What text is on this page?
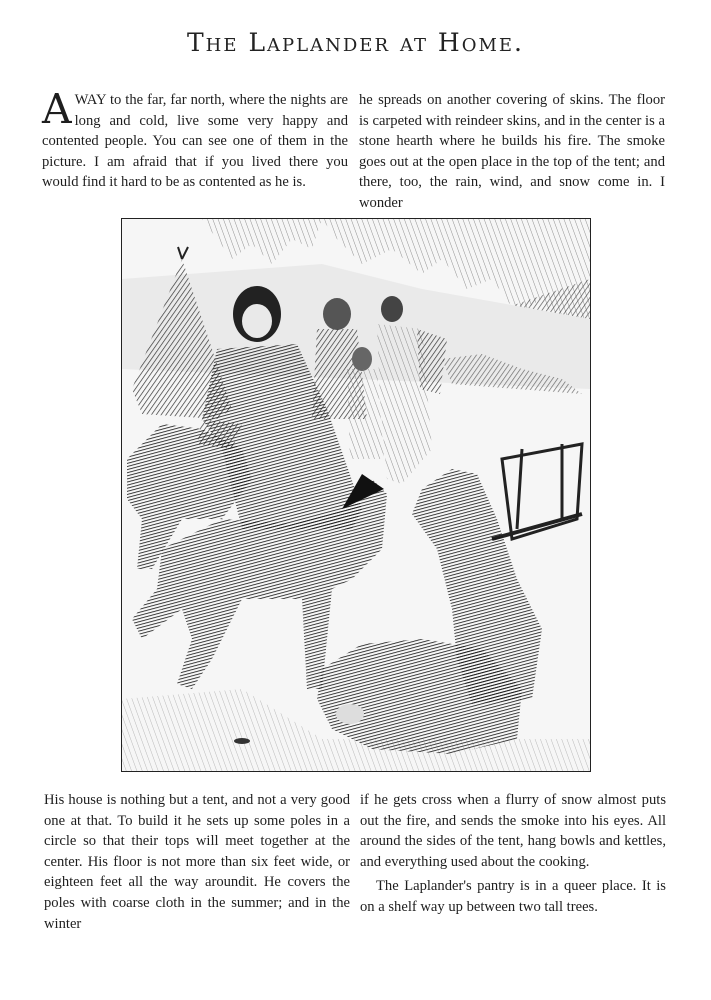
The Laplander at Home.

AWAY to the far, far north, where the nights are long and cold, live some very happy and contented people. You can see one of them in the picture. I am afraid that if you lived there you would find it hard to be as contented as he is.

he spreads on another covering of skins. The floor is carpeted with reindeer skins, and in the center is a stone hearth where he builds his fire. The smoke goes out at the open place in the top of the tent; and there, too, the rain, wind, and snow come in. I wonder

His house is nothing but a tent, and not a very good one at that. To build it he sets up some poles in a circle so that their tops will meet together at the center. His floor is not more than six feet wide, or eighteen feet all the way aroundit. He covers the poles with coarse cloth in the summer; and in the winter

if he gets cross when a flurry of snow almost puts out the fire, and sends the smoke into his eyes. All around the sides of the tent, hang bowls and kettles, and everything used about the cooking.

The Laplander's pantry is in a queer place. It is on a shelf way up between two tall trees.
